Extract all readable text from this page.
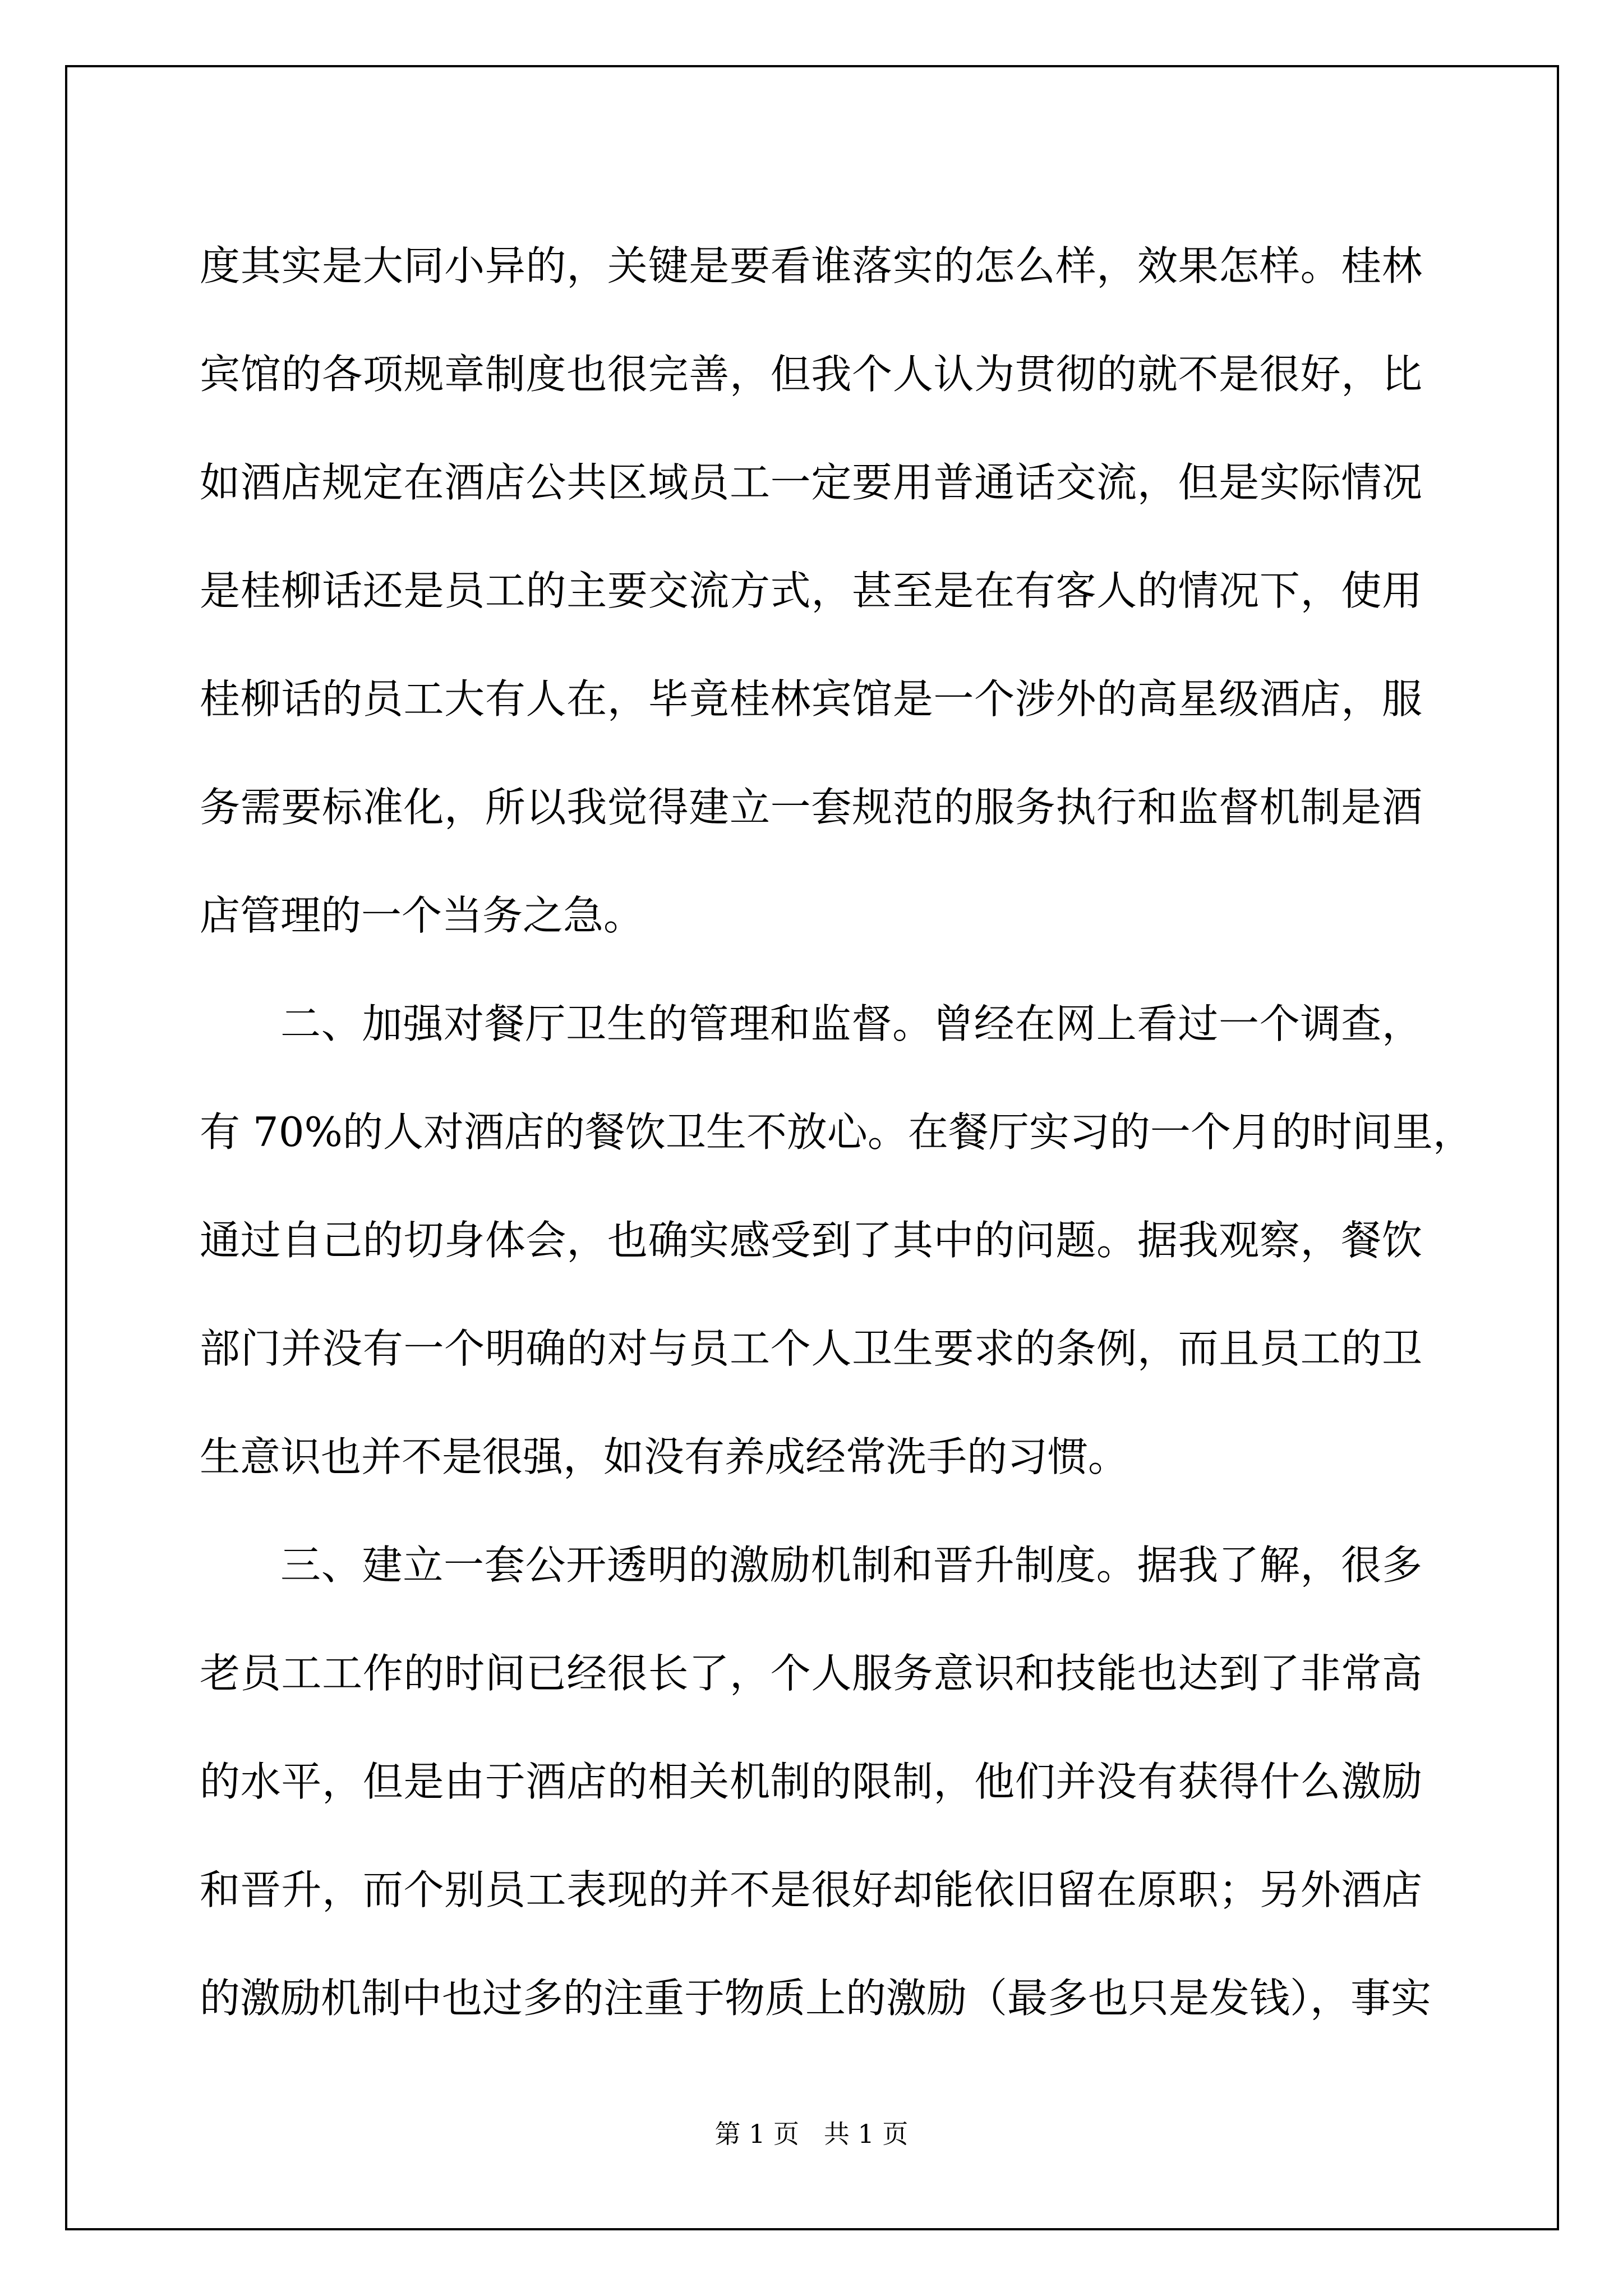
度其实是大同小异的，关键是要看谁落实的怎么样，效果怎样。桂林
宾馆的各项规章制度也很完善，但我个人认为贯彻的就不是很好，比
如酒店规定在酒店公共区域员工一定要用普通话交流，但是实际情况
是桂柳话还是员工的主要交流方式，甚至是在有客人的情况下，使用
桂柳话的员工大有人在，毕竟桂林宾馆是一个涉外的高星级酒店，服
务需要标准化，所以我觉得建立一套规范的服务执行和监督机制是酒
店管理的一个当务之急。
二、加强对餐厅卫生的管理和监督。曾经在网上看过一个调查，
有 70%的人对酒店的餐饮卫生不放心。在餐厅实习的一个月的时间里，
通过自己的切身体会，也确实感受到了其中的问题。据我观察，餐饮
部门并没有一个明确的对与员工个人卫生要求的条例，而且员工的卫
生意识也并不是很强，如没有养成经常洗手的习惯。
三、建立一套公开透明的激励机制和晋升制度。据我了解，很多
老员工工作的时间已经很长了，个人服务意识和技能也达到了非常高
的水平，但是由于酒店的相关机制的限制，他们并没有获得什么激励
和晋升，而个别员工表现的并不是很好却能依旧留在原职；另外酒店
的激励机制中也过多的注重于物质上的激励（最多也只是发钱），事实
第 1 页   共 1 页
